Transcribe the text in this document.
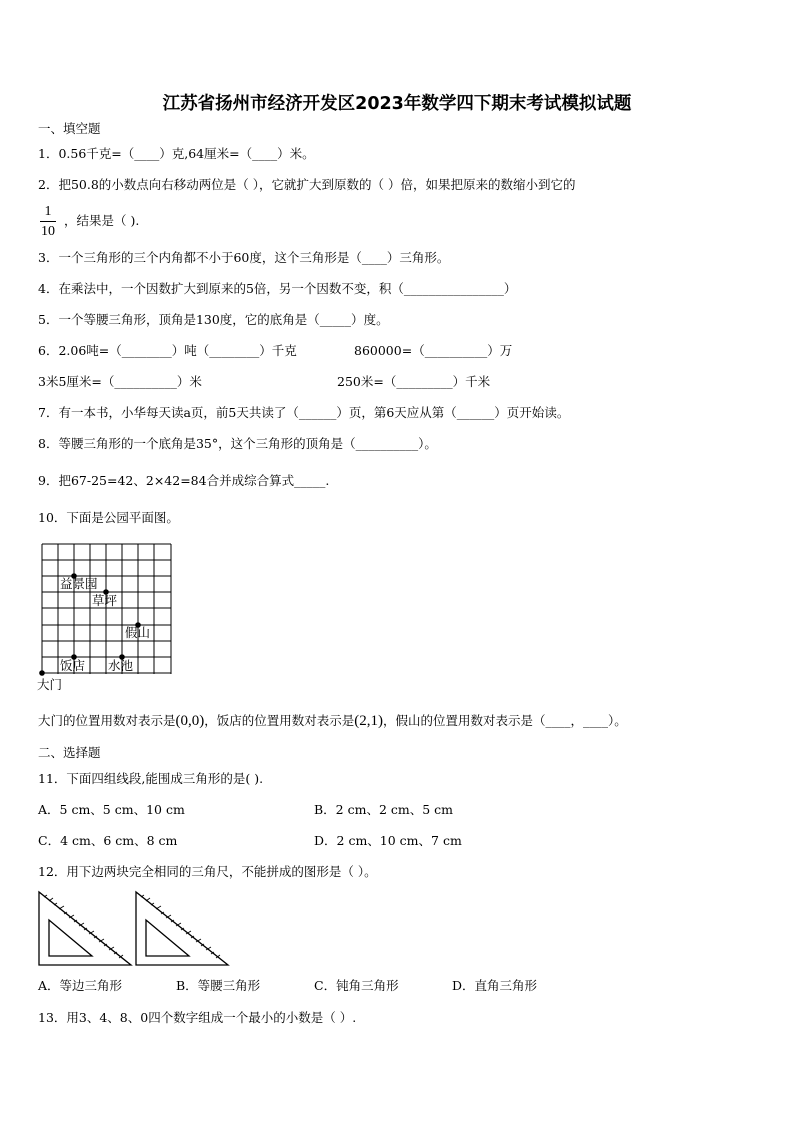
江苏省扬州市经济开发区2023年数学四下期末考试模拟试题
一、填空题
1．0.56千克=（____）克,64厘米=（____）米。
2．把50.8的小数点向右移动两位是（ ），它就扩大到原数的（ ）倍，如果把原来的数缩小到它的
1
10
，结果是（ ).
3．一个三角形的三个内角都不小于60度，这个三角形是（____）三角形。
4．在乘法中，一个因数扩大到原来的5倍，另一个因数不变，积（________________）
5．一个等腰三角形，顶角是130度，它的底角是（_____）度。
6．2.06吨=（________）吨（________）千克	860000=（__________）万
3米5厘米=（__________）米	250米=（_________）千米
7．有一本书，小华每天读a页，前5天共读了（______）页，第6天应从第（______）页开始读。
8．等腰三角形的一个底角是35°，这个三角形的顶角是（__________）。
9．把67-25=42、2×42=84合并成综合算式_____.
10．下面是公园平面图。
益景园
草坪
假山
饭店 水池
大门
大门的位置用数对表示是(0,0)，饭店的位置用数对表示是(2,1)，假山的位置用数对表示是（____，____）。
二、选择题
11．下面四组线段,能围成三角形的是( ).
A．5 cm、5 cm、10 cm	B．2 cm、2 cm、5 cm
C．4 cm、6 cm、8 cm	D．2 cm、10 cm、7 cm
12．用下边两块完全相同的三角尺，不能拼成的图形是（ ）。
A．等边三角形	B．等腰三角形	C．钝角三角形	D．直角三角形
13．用3、4、8、0四个数字组成一个最小的小数是（ ）.
